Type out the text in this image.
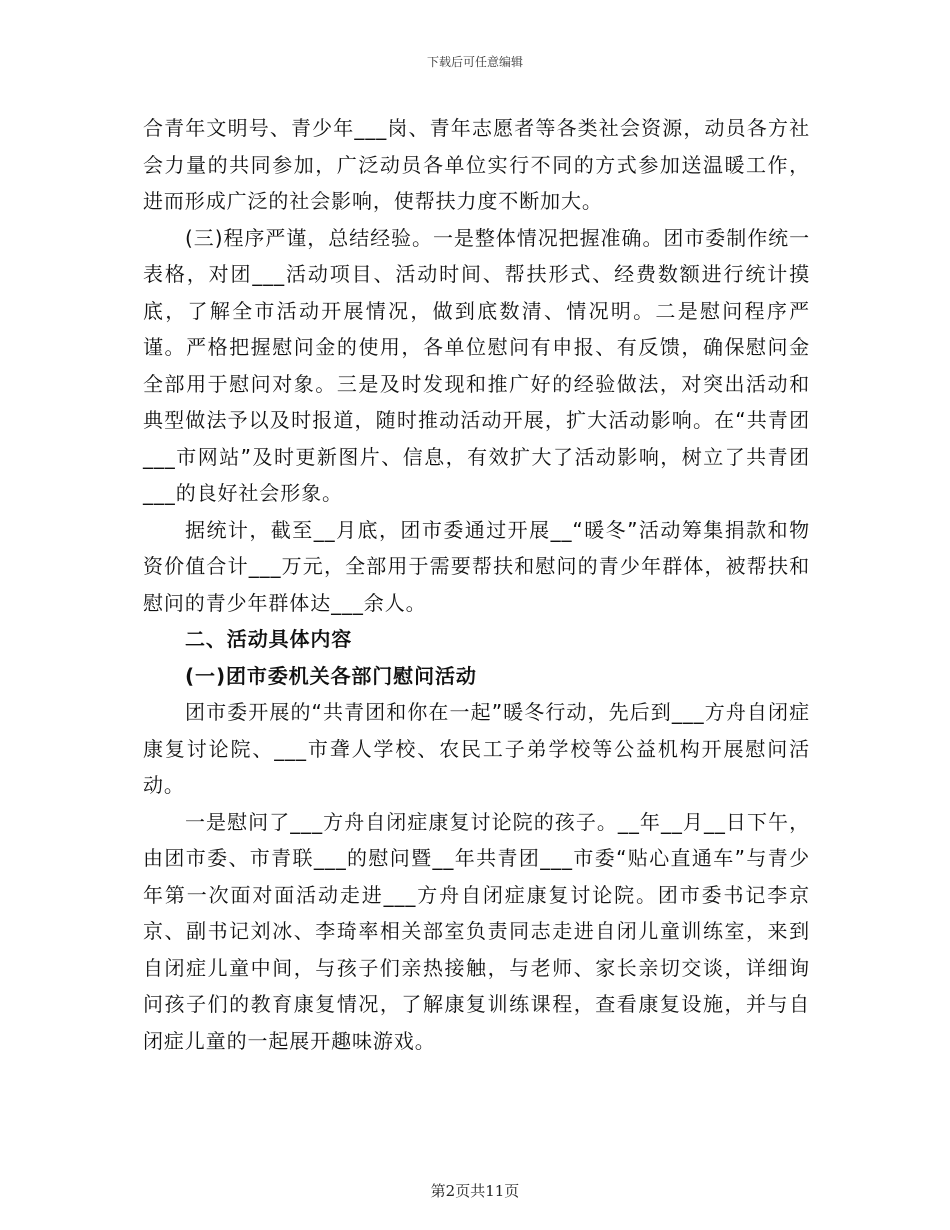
下载后可任意编辑

合青年文明号、青少年___岗、青年志愿者等各类社会资源，动员各方社会力量的共同参加，广泛动员各单位实行不同的方式参加送温暖工作，进而形成广泛的社会影响，使帮扶力度不断加大。

(三)程序严谨，总结经验。一是整体情况把握准确。团市委制作统一表格，对团___活动项目、活动时间、帮扶形式、经费数额进行统计摸底，了解全市活动开展情况，做到底数清、情况明。二是慰问程序严谨。严格把握慰问金的使用，各单位慰问有申报、有反馈，确保慰问金全部用于慰问对象。三是及时发现和推广好的经验做法，对突出活动和典型做法予以及时报道，随时推动活动开展，扩大活动影响。在“共青团___市网站”及时更新图片、信息，有效扩大了活动影响，树立了共青团___的良好社会形象。

据统计，截至__月底，团市委通过开展__“暖冬”活动筹集捐款和物资价值合计___万元，全部用于需要帮扶和慰问的青少年群体，被帮扶和慰问的青少年群体达___余人。

二、活动具体内容

(一)团市委机关各部门慰问活动

团市委开展的“共青团和你在一起”暖冬行动，先后到___方舟自闭症康复讨论院、___市聋人学校、农民工子弟学校等公益机构开展慰问活动。

一是慰问了___方舟自闭症康复讨论院的孩子。__年__月__日下午，由团市委、市青联___的慰问暨__年共青团___市委“贴心直通车”与青少年第一次面对面活动走进___方舟自闭症康复讨论院。团市委书记李京京、副书记刘冰、李琦率相关部室负责同志走进自闭儿童训练室，来到自闭症儿童中间，与孩子们亲热接触，与老师、家长亲切交谈，详细询问孩子们的教育康复情况，了解康复训练课程，查看康复设施，并与自闭症儿童的一起展开趣味游戏。

第2页共11页
